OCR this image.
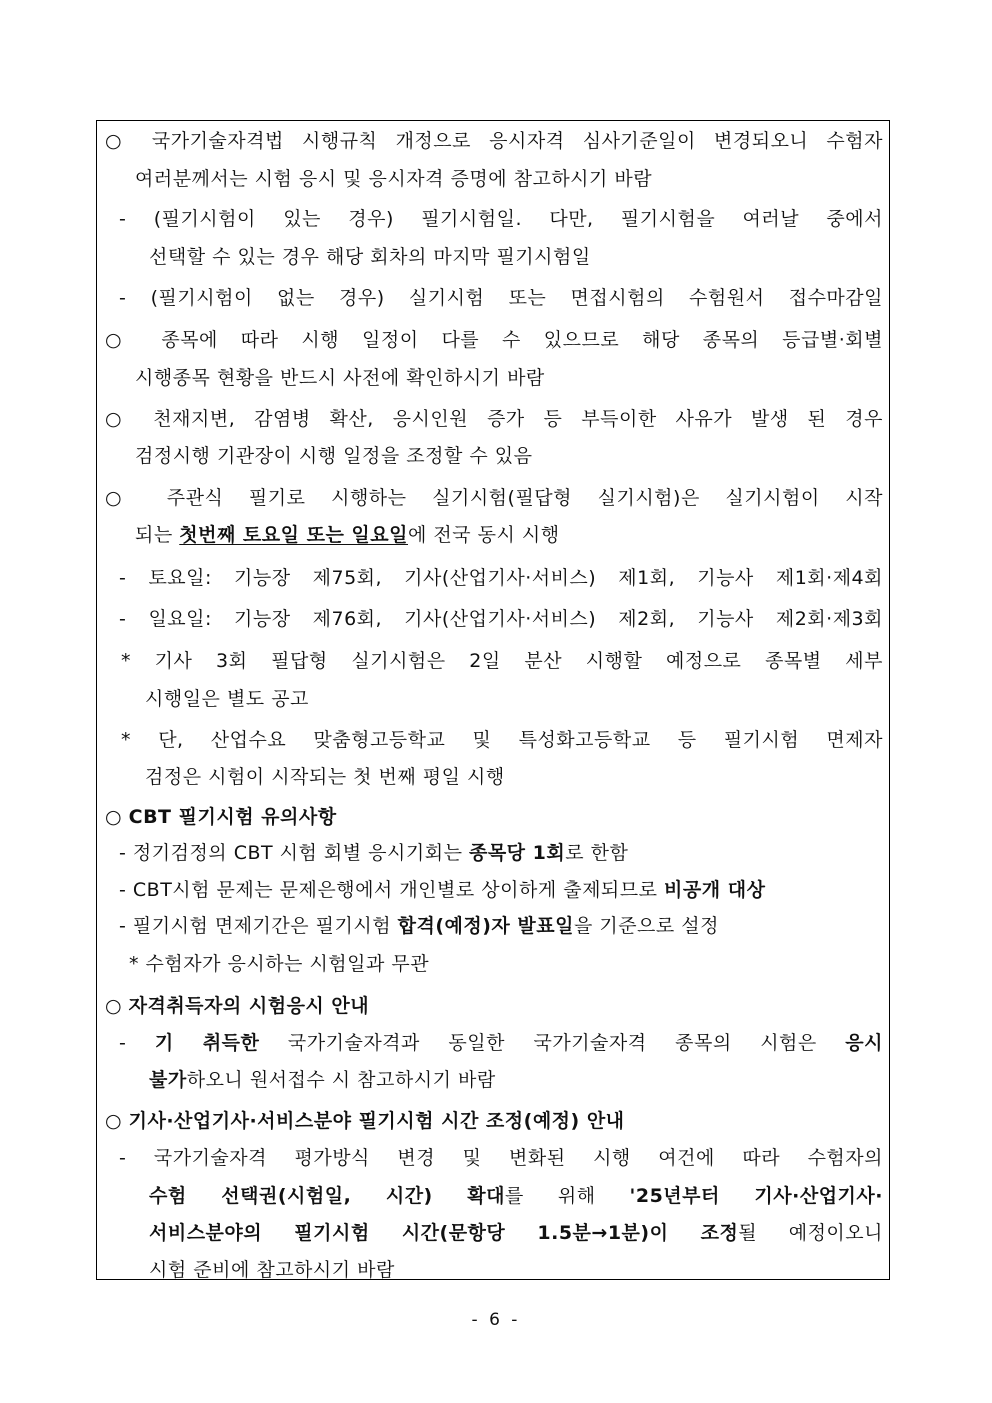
○ 국가기술자격법 시행규칙 개정으로 응시자격 심사기준일이 변경되오니 수험자
여러분께서는 시험 응시 및 응시자격 증명에 참고하시기 바람
- (필기시험이 있는 경우) 필기시험일. 다만, 필기시험을 여러날 중에서
선택할 수 있는 경우 해당 회차의 마지막 필기시험일
- (필기시험이 없는 경우) 실기시험 또는 면접시험의 수험원서 접수마감일
○ 종목에 따라 시행 일정이 다를 수 있으므로 해당 종목의 등급별·회별
시행종목 현황을 반드시 사전에 확인하시기 바람
○ 천재지변, 감염병 확산, 응시인원 증가 등 부득이한 사유가 발생 된 경우
검정시행 기관장이 시행 일정을 조정할 수 있음
○ 주관식 필기로 시행하는 실기시험(필답형 실기시험)은 실기시험이 시작
되는 첫번째 토요일 또는 일요일에 전국 동시 시행
- 토요일: 기능장 제75회, 기사(산업기사·서비스) 제1회, 기능사 제1회·제4회
- 일요일: 기능장 제76회, 기사(산업기사·서비스) 제2회, 기능사 제2회·제3회
* 기사 3회 필답형 실기시험은 2일 분산 시행할 예정으로 종목별 세부
시행일은 별도 공고
* 단, 산업수요 맞춤형고등학교 및 특성화고등학교 등 필기시험 면제자
검정은 시험이 시작되는 첫 번째 평일 시행
○ CBT 필기시험 유의사항
- 정기검정의 CBT 시험 회별 응시기회는 종목당 1회로 한함
- CBT시험 문제는 문제은행에서 개인별로 상이하게 출제되므로 비공개 대상
- 필기시험 면제기간은 필기시험 합격(예정)자 발표일을 기준으로 설정
* 수험자가 응시하는 시험일과 무관
○ 자격취득자의 시험응시 안내
- 기 취득한 국가기술자격과 동일한 국가기술자격 종목의 시험은 응시
불가하오니 원서접수 시 참고하시기 바람
○ 기사·산업기사·서비스분야 필기시험 시간 조정(예정) 안내
- 국가기술자격 평가방식 변경 및 변화된 시행 여건에 따라 수험자의
수험 선택권(시험일, 시간) 확대를 위해 '25년부터 기사·산업기사·
서비스분야의 필기시험 시간(문항당 1.5분→1분)이 조정될 예정이오니
시험 준비에 참고하시기 바람
- 6 -
